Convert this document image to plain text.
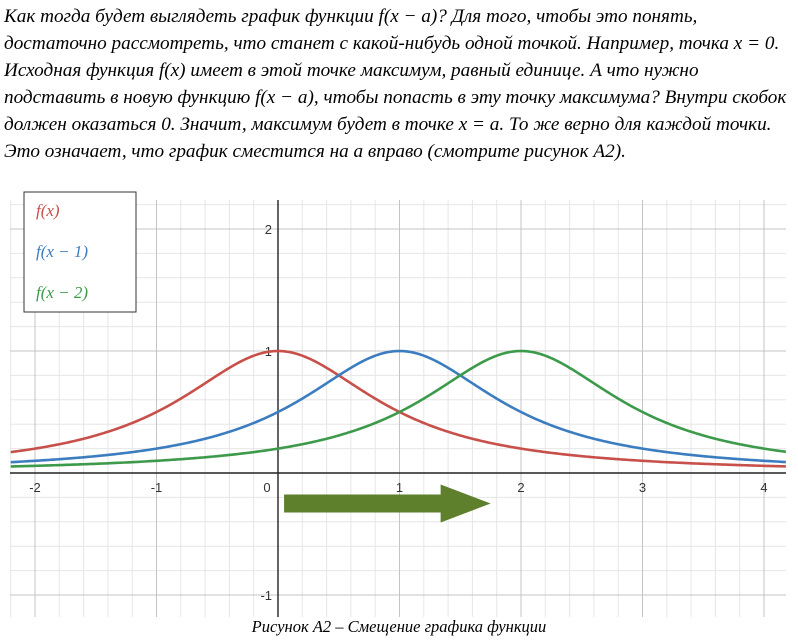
Как тогда будет выглядеть график функции f(x − a)? Для того, чтобы это понять, достаточно рассмотреть, что станет с какой-нибудь одной точкой. Например, точка x = 0. Исходная функция f(x) имеет в этой точке максимум, равный единице. А что нужно подставить в новую функцию f(x − a), чтобы попасть в эту точку максимума? Внутри скобок должен оказаться 0. Значит, максимум будет в точке x = a. То же верно для каждой точки. Это означает, что график сместится на a вправо (смотрите рисунок А2).

-2	-1	0	1	2	3	4
-1
1
2
f(x)
f(x − 1)
f(x − 2)
Рисунок А2 – Смещение графика функции
